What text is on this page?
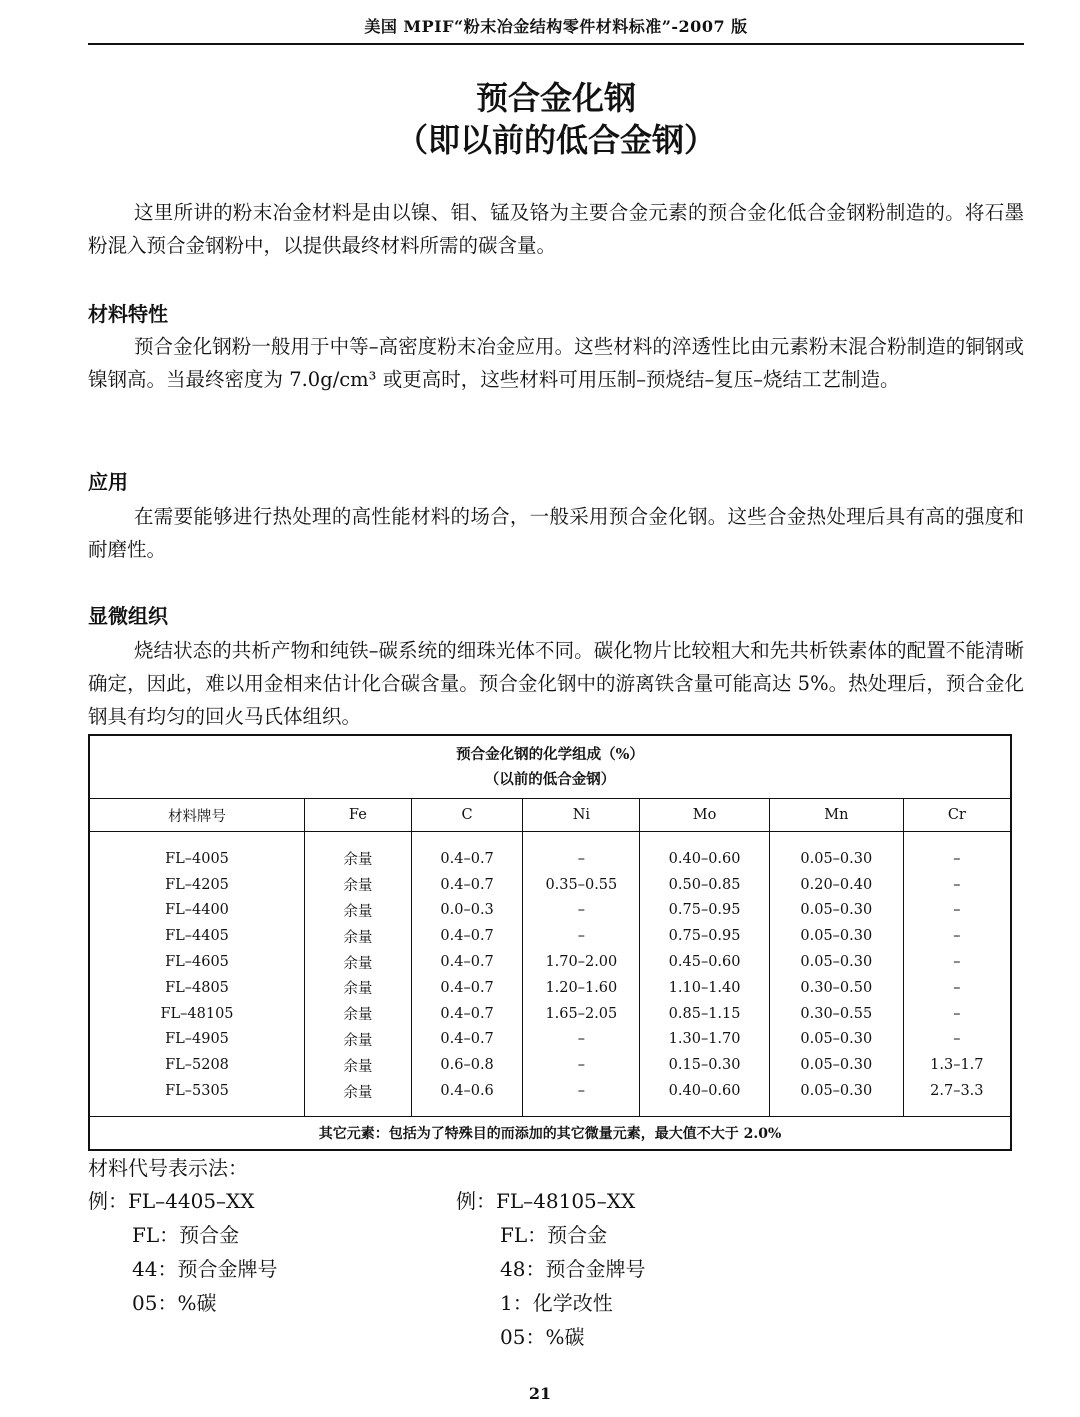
美国 MPIF“粉末冶金结构零件材料标准”-2007 版
预合金化钢
（即以前的低合金钢）

这里所讲的粉末冶金材料是由以镍、钼、锰及铬为主要合金元素的预合金化低合金钢粉制造的。将石墨粉混入预合金钢粉中，以提供最终材料所需的碳含量。

材料特性

预合金化钢粉一般用于中等–高密度粉末冶金应用。这些材料的淬透性比由元素粉末混合粉制造的铜钢或镍钢高。当最终密度为 7.0g/cm³ 或更高时，这些材料可用压制–预烧结–复压–烧结工艺制造。

应用

在需要能够进行热处理的高性能材料的场合，一般采用预合金化钢。这些合金热处理后具有高的强度和耐磨性。

显微组织

烧结状态的共析产物和纯铁–碳系统的细珠光体不同。碳化物片比较粗大和先共析铁素体的配置不能清晰确定，因此，难以用金相来估计化合碳含量。预合金化钢中的游离铁含量可能高达 5%。热处理后，预合金化钢具有均匀的回火马氏体组织。

预合金化钢的化学组成（%）
（以前的低合金钢）						

材料牌号	Fe	C	Ni	Mo	Mn	Cr
FL–4005	余量	0.4–0.7	–	0.40–0.60	0.05–0.30	–
FL–4205	余量	0.4–0.7	0.35–0.55	0.50–0.85	0.20–0.40	–
FL–4400	余量	0.0–0.3	–	0.75–0.95	0.05–0.30	–
FL–4405	余量	0.4–0.7	–	0.75–0.95	0.05–0.30	–
FL–4605	余量	0.4–0.7	1.70–2.00	0.45–0.60	0.05–0.30	–
FL–4805	余量	0.4–0.7	1.20–1.60	1.10–1.40	0.30–0.50	–
FL–48105	余量	0.4–0.7	1.65–2.05	0.85–1.15	0.30–0.55	–
FL–4905	余量	0.4–0.7	–	1.30–1.70	0.05–0.30	–
FL–5208	余量	0.6–0.8	–	0.15–0.30	0.05–0.30	1.3–1.7
FL–5305	余量	0.4–0.6	–	0.40–0.60	0.05–0.30	2.7–3.3
其它元素：包括为了特殊目的而添加的其它微量元素，最大值不大于 2.0%						
材料代号表示法：
例：FL–4405–XX
FL：预合金
44：预合金牌号
05：%碳
例：FL–48105–XX
FL：预合金
48：预合金牌号
1：化学改性
05：%碳
21
